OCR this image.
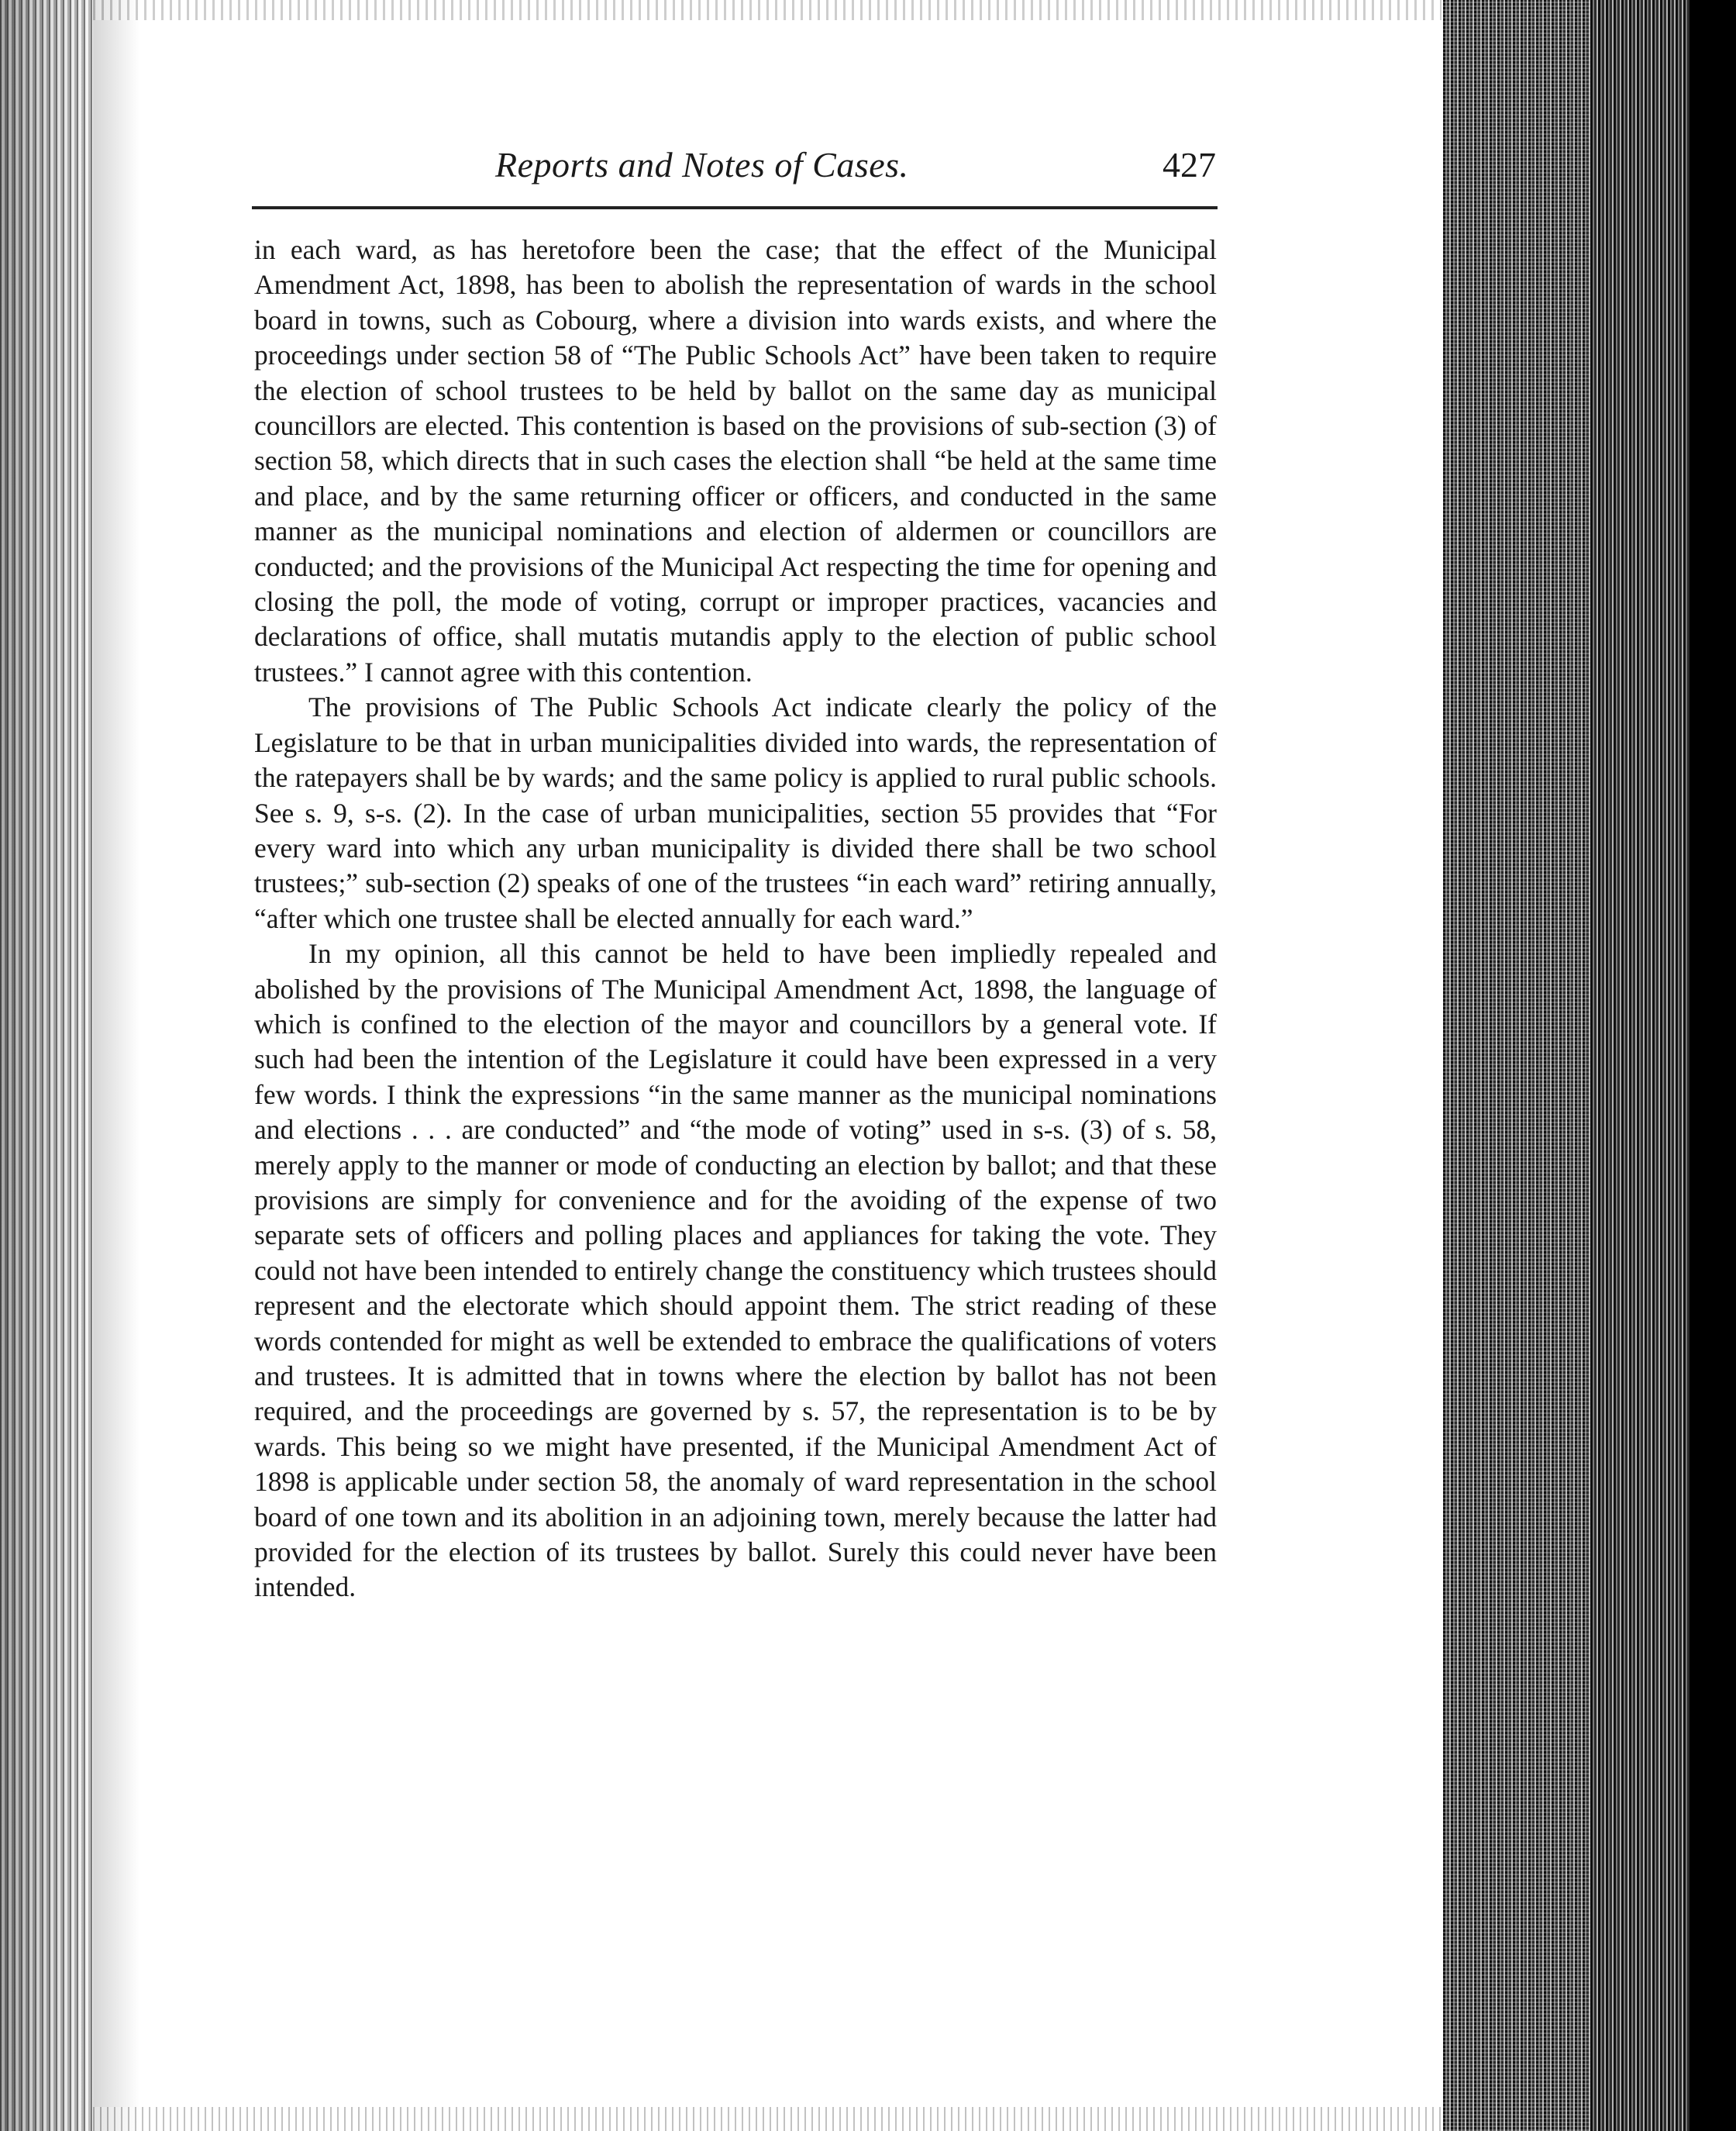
Reports and Notes of Cases.	427

in each ward, as has heretofore been the case; that the effect of the Municipal Amendment Act, 1898, has been to abolish the representation of wards in the school board in towns, such as Cobourg, where a division into wards exists, and where the proceedings under section 58 of “The Public Schools Act” have been taken to require the election of school trustees to be held by ballot on the same day as municipal councillors are elected. This contention is based on the provisions of sub-section (3) of section 58, which directs that in such cases the election shall “be held at the same time and place, and by the same returning officer or officers, and conducted in the same manner as the municipal nominations and election of aldermen or councillors are conducted; and the provisions of the Municipal Act respecting the time for opening and closing the poll, the mode of voting, corrupt or improper practices, vacancies and declarations of office, shall mutatis mutandis apply to the election of public school trustees.” I cannot agree with this contention.

The provisions of The Public Schools Act indicate clearly the policy of the Legislature to be that in urban municipalities divided into wards, the representation of the ratepayers shall be by wards; and the same policy is applied to rural public schools. See s. 9, s-s. (2). In the case of urban municipalities, section 55 provides that “For every ward into which any urban municipality is divided there shall be two school trustees;” sub-section (2) speaks of one of the trustees “in each ward” retiring annually, “after which one trustee shall be elected annually for each ward.”

In my opinion, all this cannot be held to have been impliedly repealed and abolished by the provisions of The Municipal Amendment Act, 1898, the language of which is confined to the election of the mayor and councillors by a general vote. If such had been the intention of the Legislature it could have been expressed in a very few words. I think the expressions “in the same manner as the municipal nominations and elections . . . are conducted” and “the mode of voting” used in s-s. (3) of s. 58, merely apply to the manner or mode of conducting an election by ballot; and that these provisions are simply for convenience and for the avoiding of the expense of two separate sets of officers and polling places and appliances for taking the vote. They could not have been intended to entirely change the constituency which trustees should represent and the electorate which should appoint them. The strict reading of these words contended for might as well be extended to embrace the qualifications of voters and trustees. It is admitted that in towns where the election by ballot has not been required, and the proceedings are governed by s. 57, the representation is to be by wards. This being so we might have presented, if the Municipal Amendment Act of 1898 is applicable under section 58, the anomaly of ward representation in the school board of one town and its abolition in an adjoining town, merely because the latter had provided for the election of its trustees by ballot. Surely this could never have been intended.
